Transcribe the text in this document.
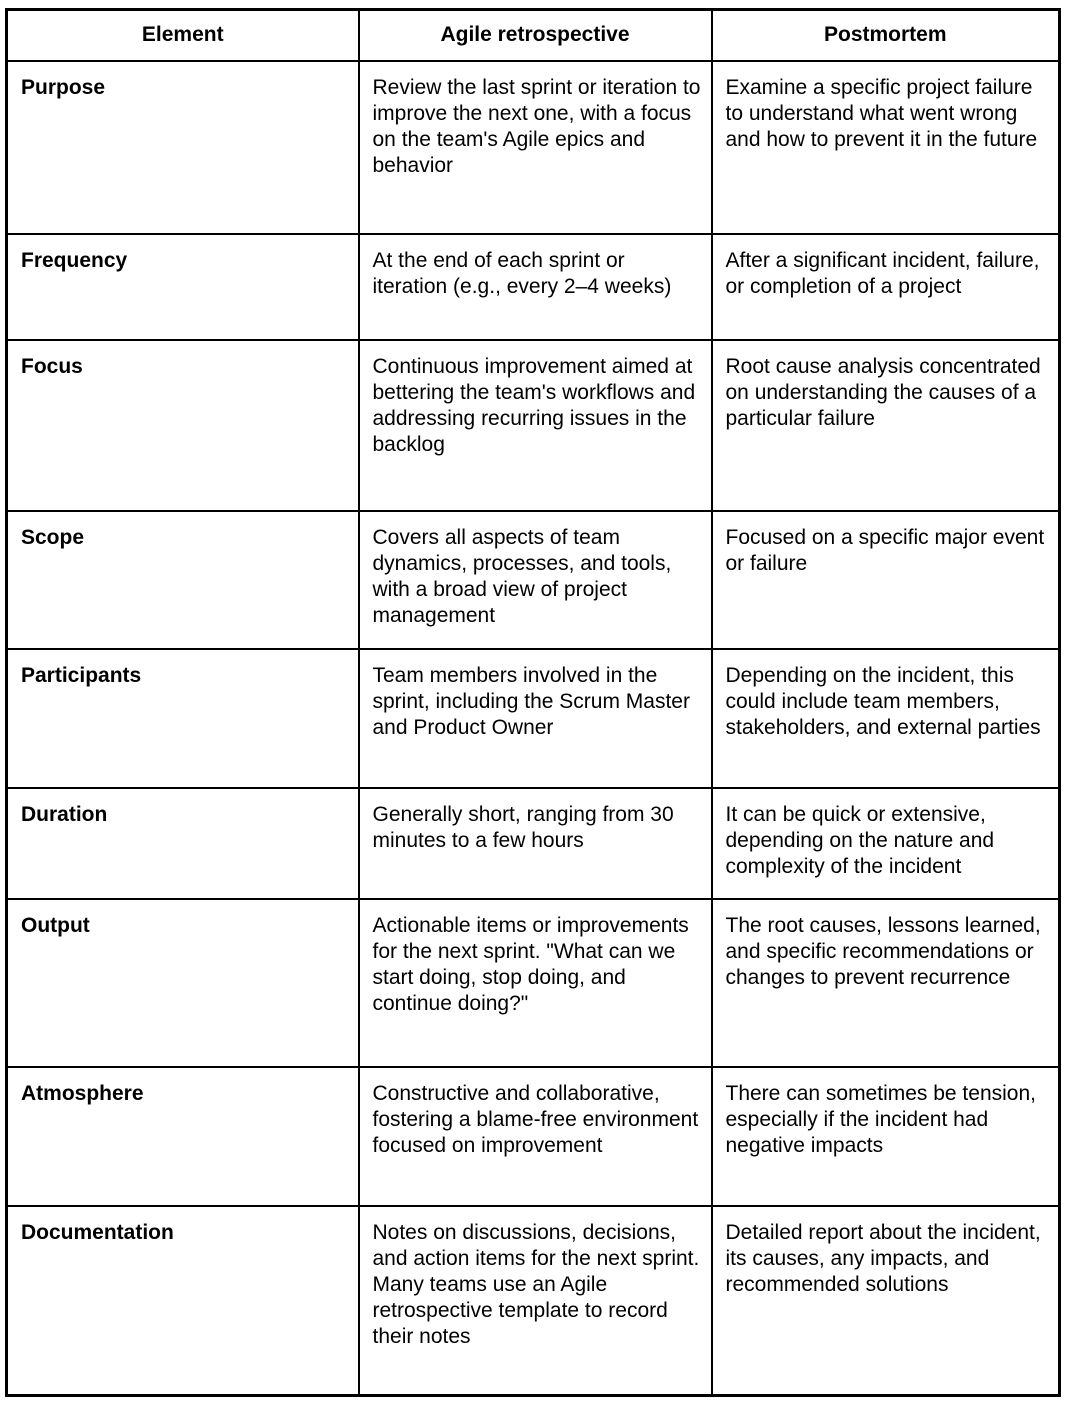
Element	Agile retrospective	Postmortem
Purpose	Review the last sprint or iteration to improve the next one, with a focus on the team's Agile epics and behavior	Examine a specific project failure to understand what went wrong and how to prevent it in the future
Frequency	At the end of each sprint or iteration (e.g., every 2–4 weeks)	After a significant incident, failure, or completion of a project
Focus	Continuous improvement aimed at bettering the team's workflows and addressing recurring issues in the backlog	Root cause analysis concentrated on understanding the causes of a particular failure
Scope	Covers all aspects of team dynamics, processes, and tools, with a broad view of project management	Focused on a specific major event or failure
Participants	Team members involved in the sprint, including the Scrum Master and Product Owner	Depending on the incident, this could include team members, stakeholders, and external parties
Duration	Generally short, ranging from 30 minutes to a few hours	It can be quick or extensive, depending on the nature and complexity of the incident
Output	Actionable items or improvements for the next sprint. "What can we start doing, stop doing, and continue doing?"	The root causes, lessons learned, and specific recommendations or changes to prevent recurrence
Atmosphere	Constructive and collaborative, fostering a blame-free environment focused on improvement	There can sometimes be tension, especially if the incident had negative impacts
Documentation	Notes on discussions, decisions, and action items for the next sprint. Many teams use an Agile retrospective template to record their notes	Detailed report about the incident, its causes, any impacts, and recommended solutions
